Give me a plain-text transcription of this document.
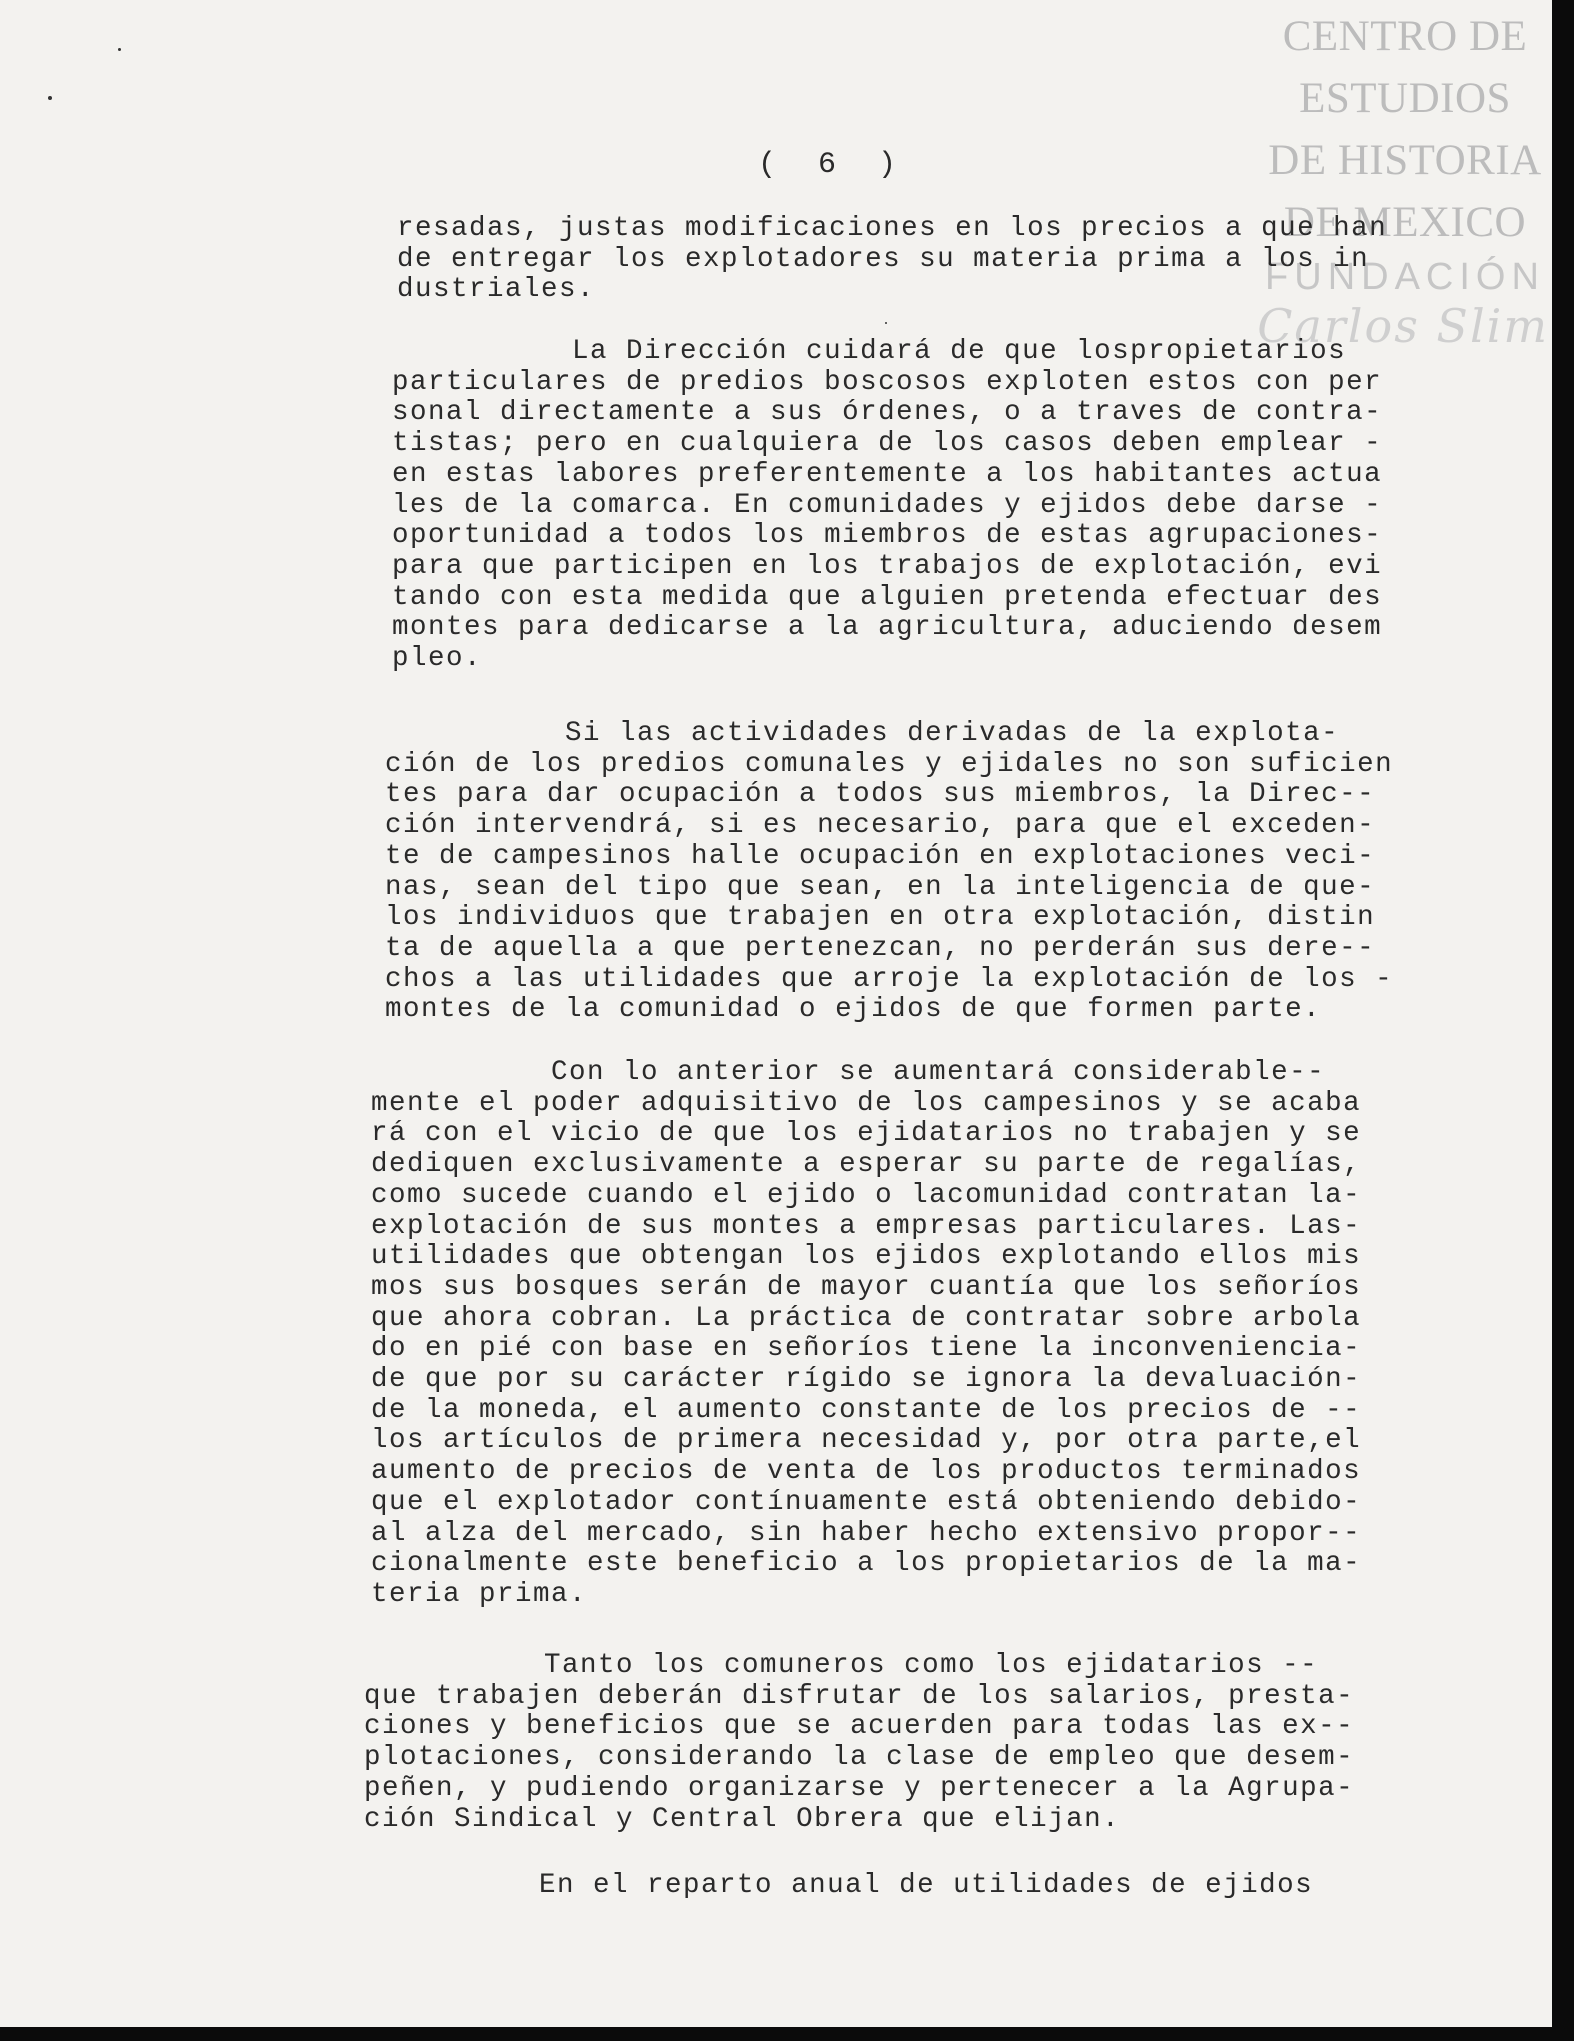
CENTRO DE
ESTUDIOS
DE HISTORIA
DE MEXICO
FUNDACIÓN
Carlos Slim
(  6  )
resadas, justas modificaciones en los precios a que han
de entregar los explotadores su materia prima a los in
dustriales.
La Dirección cuidará de que lospropietarios
particulares de predios boscosos exploten estos con per
sonal directamente a sus órdenes, o a traves de contra-
tistas; pero en cualquiera de los casos deben emplear -
en estas labores preferentemente a los habitantes actua
les de la comarca. En comunidades y ejidos debe darse -
oportunidad a todos los miembros de estas agrupaciones-
para que participen en los trabajos de explotación, evi
tando con esta medida que alguien pretenda efectuar des
montes para dedicarse a la agricultura, aduciendo desem
pleo.
Si las actividades derivadas de la explota-
ción de los predios comunales y ejidales no son suficien
tes para dar ocupación a todos sus miembros, la Direc--
ción intervendrá, si es necesario, para que el exceden-
te de campesinos halle ocupación en explotaciones veci-
nas, sean del tipo que sean, en la inteligencia de que-
los individuos que trabajen en otra explotación, distin
ta de aquella a que pertenezcan, no perderán sus dere--
chos a las utilidades que arroje la explotación de los -
montes de la comunidad o ejidos de que formen parte.
Con lo anterior se aumentará considerable--
mente el poder adquisitivo de los campesinos y se acaba
rá con el vicio de que los ejidatarios no trabajen y se
dediquen exclusivamente a esperar su parte de regalías,
como sucede cuando el ejido o lacomunidad contratan la-
explotación de sus montes a empresas particulares. Las-
utilidades que obtengan los ejidos explotando ellos mis
mos sus bosques serán de mayor cuantía que los señoríos
que ahora cobran. La práctica de contratar sobre arbola
do en pié con base en señoríos tiene la inconveniencia-
de que por su carácter rígido se ignora la devaluación-
de la moneda, el aumento constante de los precios de --
los artículos de primera necesidad y, por otra parte,el
aumento de precios de venta de los productos terminados
que el explotador contínuamente está obteniendo debido-
al alza del mercado, sin haber hecho extensivo propor--
cionalmente este beneficio a los propietarios de la ma-
teria prima.
Tanto los comuneros como los ejidatarios --
que trabajen deberán disfrutar de los salarios, presta-
ciones y beneficios que se acuerden para todas las ex--
plotaciones, considerando la clase de empleo que desem-
peñen, y pudiendo organizarse y pertenecer a la Agrupa-
ción Sindical y Central Obrera que elijan.
En el reparto anual de utilidades de ejidos
